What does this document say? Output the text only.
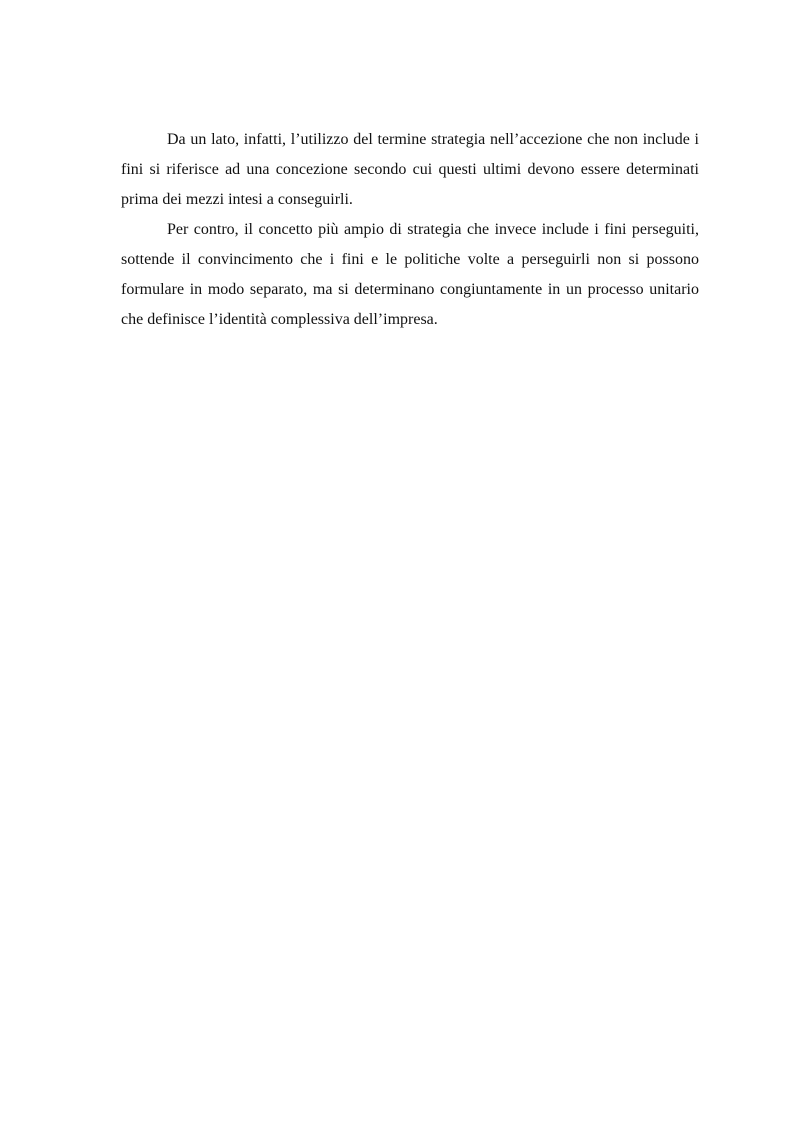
Da un lato, infatti, l’utilizzo del termine strategia nell’accezione che non include i fini si riferisce ad una concezione secondo cui questi ultimi devono essere determinati prima dei mezzi intesi a conseguirli.

Per contro, il concetto più ampio di strategia che invece include i fini perseguiti, sottende il convincimento che i fini e le politiche volte a perseguirli non si possono formulare in modo separato, ma si determinano congiuntamente in un processo unitario che definisce l’identità complessiva dell’impresa.
